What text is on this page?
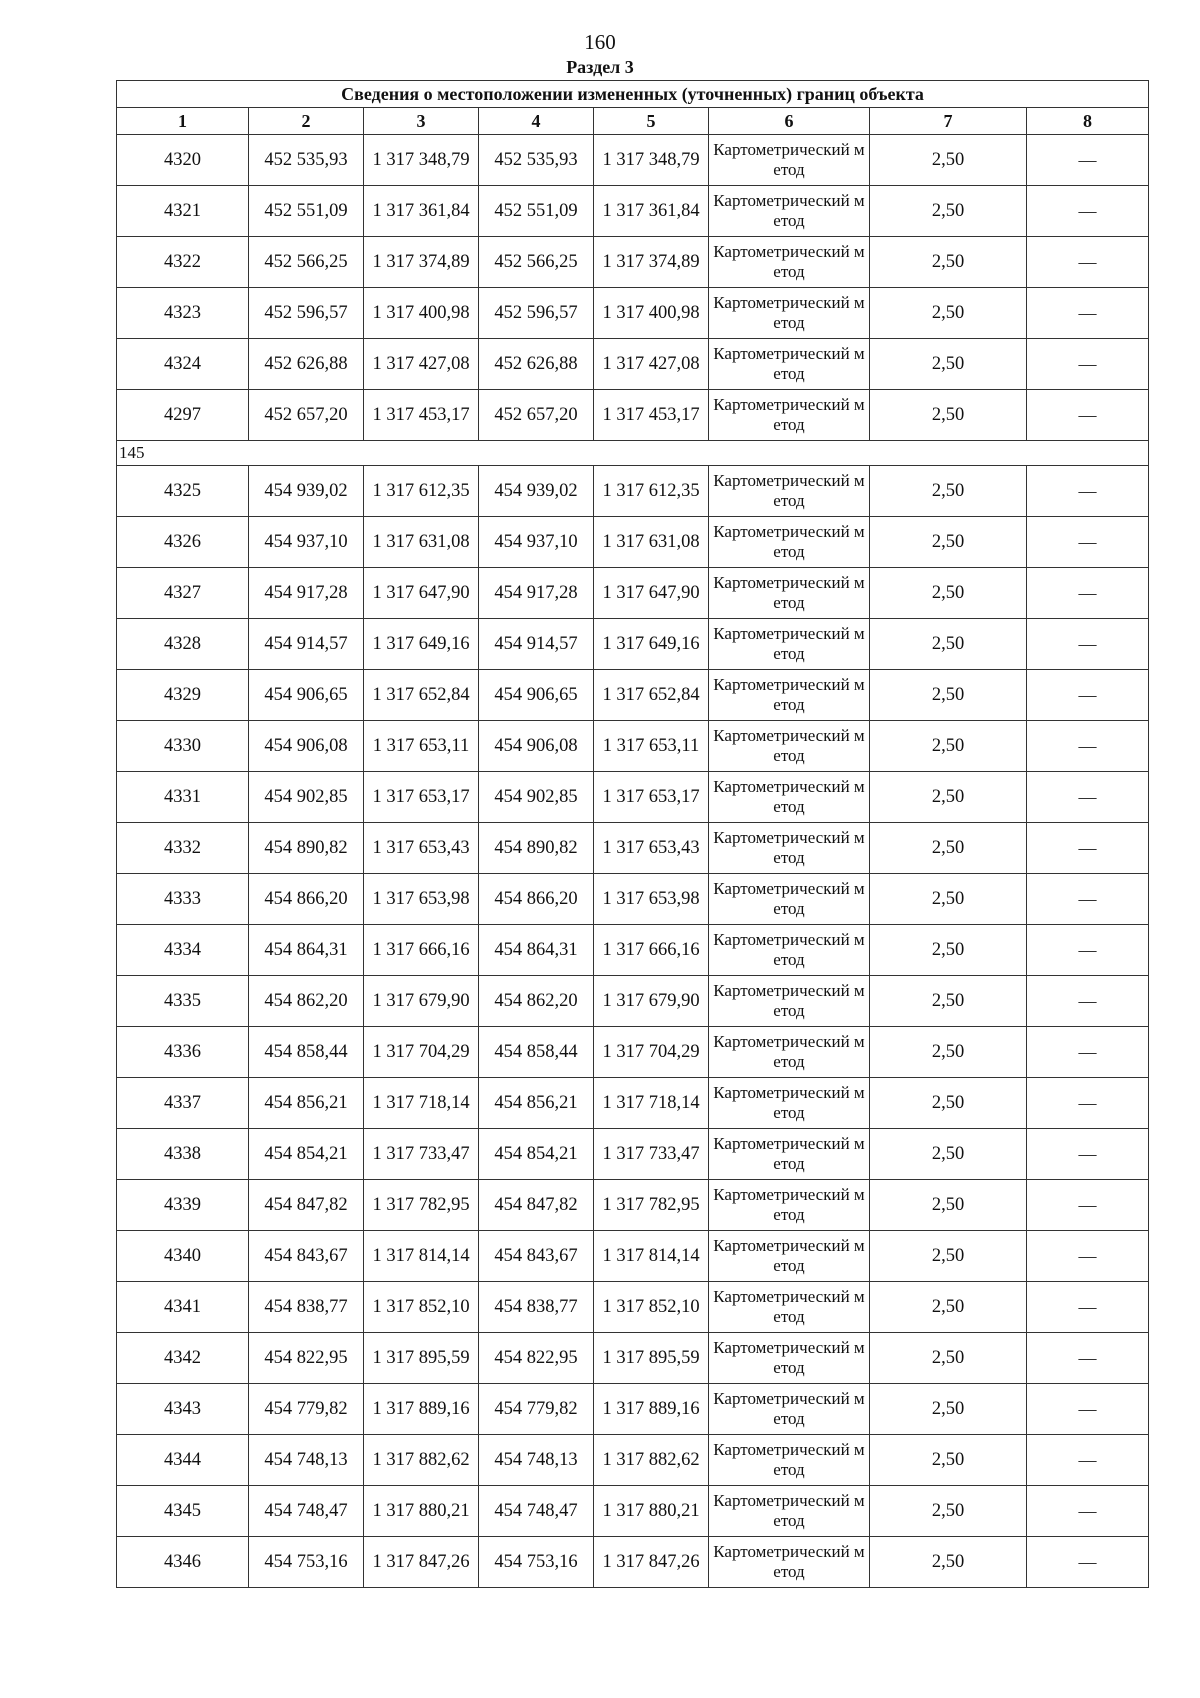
160
Раздел 3
Сведения о местоположении измененных (уточненных) границ объекта							
1	2	3	4	5	6	7	8
4320	452 535,93	1 317 348,79	452 535,93	1 317 348,79	Картометрический метод	2,50	—
4321	452 551,09	1 317 361,84	452 551,09	1 317 361,84	Картометрический метод	2,50	—
4322	452 566,25	1 317 374,89	452 566,25	1 317 374,89	Картометрический метод	2,50	—
4323	452 596,57	1 317 400,98	452 596,57	1 317 400,98	Картометрический метод	2,50	—
4324	452 626,88	1 317 427,08	452 626,88	1 317 427,08	Картометрический метод	2,50	—
4297	452 657,20	1 317 453,17	452 657,20	1 317 453,17	Картометрический метод	2,50	—
145							
4325	454 939,02	1 317 612,35	454 939,02	1 317 612,35	Картометрический метод	2,50	—
4326	454 937,10	1 317 631,08	454 937,10	1 317 631,08	Картометрический метод	2,50	—
4327	454 917,28	1 317 647,90	454 917,28	1 317 647,90	Картометрический метод	2,50	—
4328	454 914,57	1 317 649,16	454 914,57	1 317 649,16	Картометрический метод	2,50	—
4329	454 906,65	1 317 652,84	454 906,65	1 317 652,84	Картометрический метод	2,50	—
4330	454 906,08	1 317 653,11	454 906,08	1 317 653,11	Картометрический метод	2,50	—
4331	454 902,85	1 317 653,17	454 902,85	1 317 653,17	Картометрический метод	2,50	—
4332	454 890,82	1 317 653,43	454 890,82	1 317 653,43	Картометрический метод	2,50	—
4333	454 866,20	1 317 653,98	454 866,20	1 317 653,98	Картометрический метод	2,50	—
4334	454 864,31	1 317 666,16	454 864,31	1 317 666,16	Картометрический метод	2,50	—
4335	454 862,20	1 317 679,90	454 862,20	1 317 679,90	Картометрический метод	2,50	—
4336	454 858,44	1 317 704,29	454 858,44	1 317 704,29	Картометрический метод	2,50	—
4337	454 856,21	1 317 718,14	454 856,21	1 317 718,14	Картометрический метод	2,50	—
4338	454 854,21	1 317 733,47	454 854,21	1 317 733,47	Картометрический метод	2,50	—
4339	454 847,82	1 317 782,95	454 847,82	1 317 782,95	Картометрический метод	2,50	—
4340	454 843,67	1 317 814,14	454 843,67	1 317 814,14	Картометрический метод	2,50	—
4341	454 838,77	1 317 852,10	454 838,77	1 317 852,10	Картометрический метод	2,50	—
4342	454 822,95	1 317 895,59	454 822,95	1 317 895,59	Картометрический метод	2,50	—
4343	454 779,82	1 317 889,16	454 779,82	1 317 889,16	Картометрический метод	2,50	—
4344	454 748,13	1 317 882,62	454 748,13	1 317 882,62	Картометрический метод	2,50	—
4345	454 748,47	1 317 880,21	454 748,47	1 317 880,21	Картометрический метод	2,50	—
4346	454 753,16	1 317 847,26	454 753,16	1 317 847,26	Картометрический метод	2,50	—
